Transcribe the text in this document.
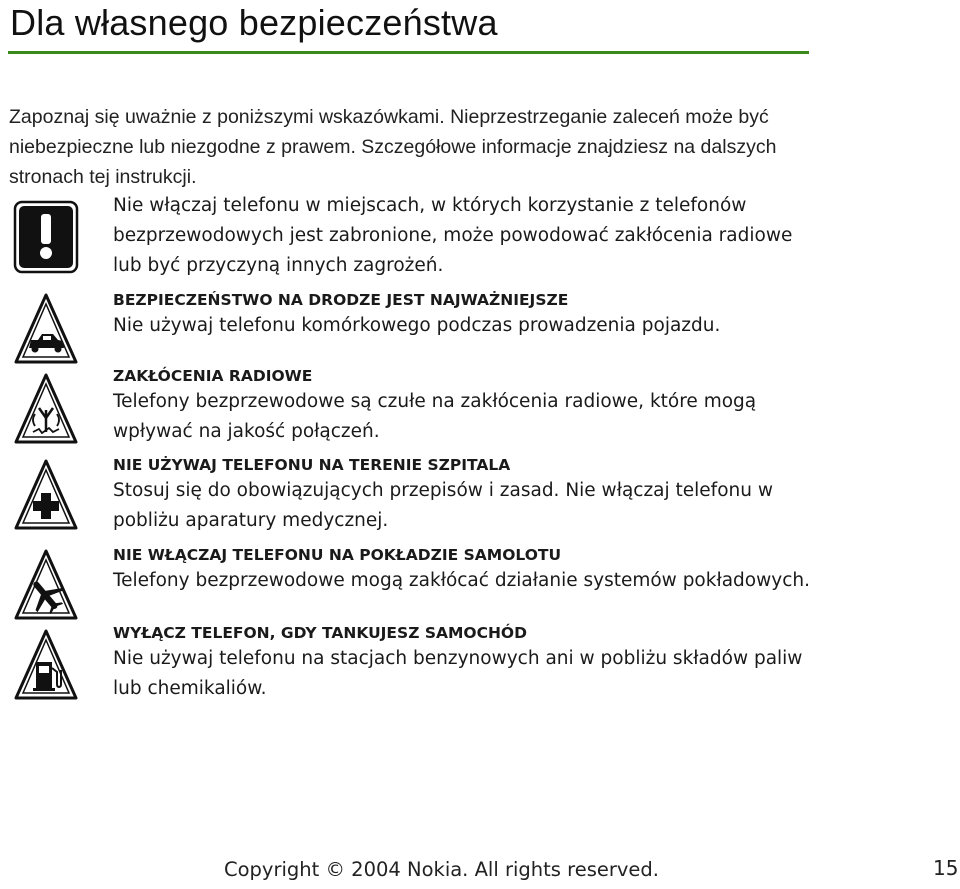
Dla własnego bezpieczeństwa
Zapoznaj się uważnie z poniższymi wskazówkami. Nieprzestrzeganie zaleceń może być niebezpieczne lub niezgodne z prawem. Szczegółowe informacje znajdziesz na dalszych stronach tej instrukcji.
Nie włączaj telefonu w miejscach, w których korzystanie z telefonów bezprzewodowych jest zabronione, może powodować zakłócenia radiowe lub być przyczyną innych zagrożeń.
BEZPIECZEŃSTWO NA DRODZE JEST NAJWAŻNIEJSZE
Nie używaj telefonu komórkowego podczas prowadzenia pojazdu.
ZAKŁÓCENIA RADIOWE
Telefony bezprzewodowe są czułe na zakłócenia radiowe, które mogą wpływać na jakość połączeń.
NIE UŻYWAJ TELEFONU NA TERENIE SZPITALA
Stosuj się do obowiązujących przepisów i zasad. Nie włączaj telefonu w pobliżu aparatury medycznej.
NIE WŁĄCZAJ TELEFONU NA POKŁADZIE SAMOLOTU
Telefony bezprzewodowe mogą zakłócać działanie systemów pokładowych.
WYŁĄCZ TELEFON, GDY TANKUJESZ SAMOCHÓD
Nie używaj telefonu na stacjach benzynowych ani w pobliżu składów paliw lub chemikaliów.
Copyright © 2004 Nokia. All rights reserved.	15
